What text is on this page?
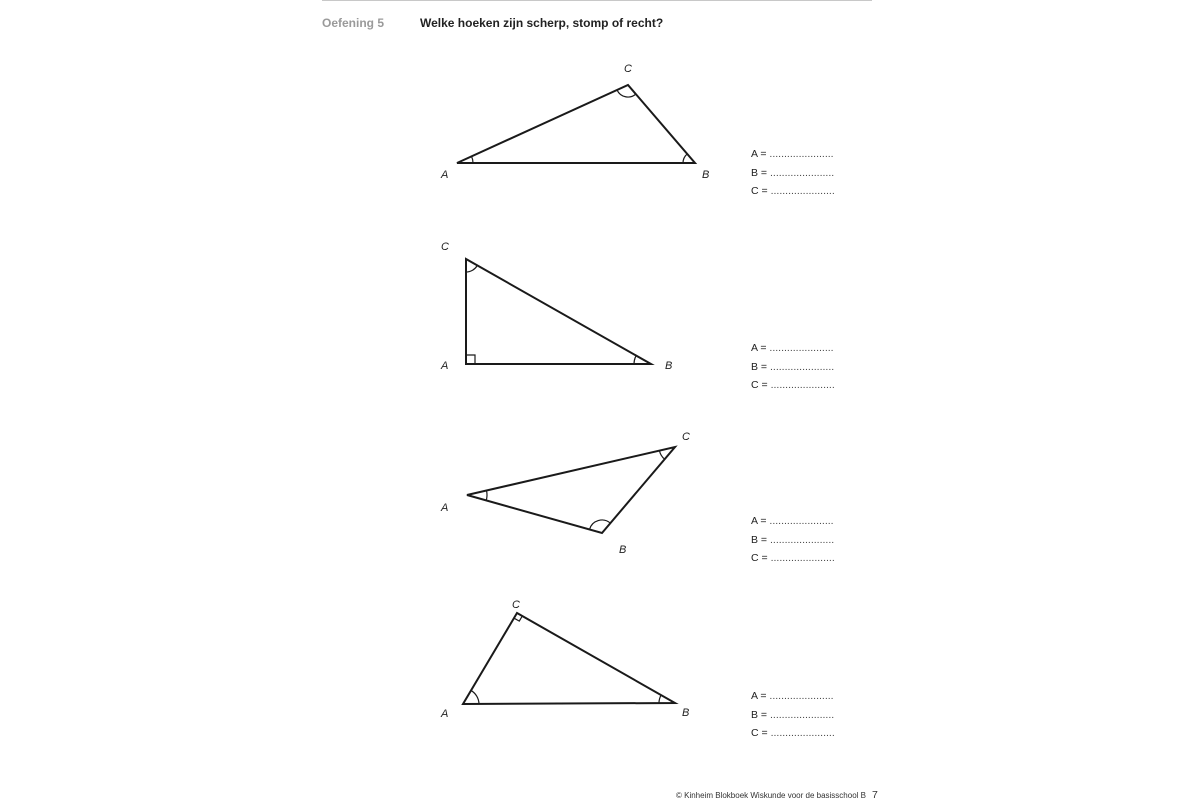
Oefening 5	Welke hoeken zijn scherp, stomp of recht?
A	B
C
A	B
C
A
B
C
A	B
C
A = ......................
B = ......................
C = ......................
A = ......................
B = ......................
C = ......................
A = ......................
B = ......................
C = ......................
A = ......................
B = ......................
C = ......................
© Kinheim Blokboek Wiskunde voor de basisschool B 7
